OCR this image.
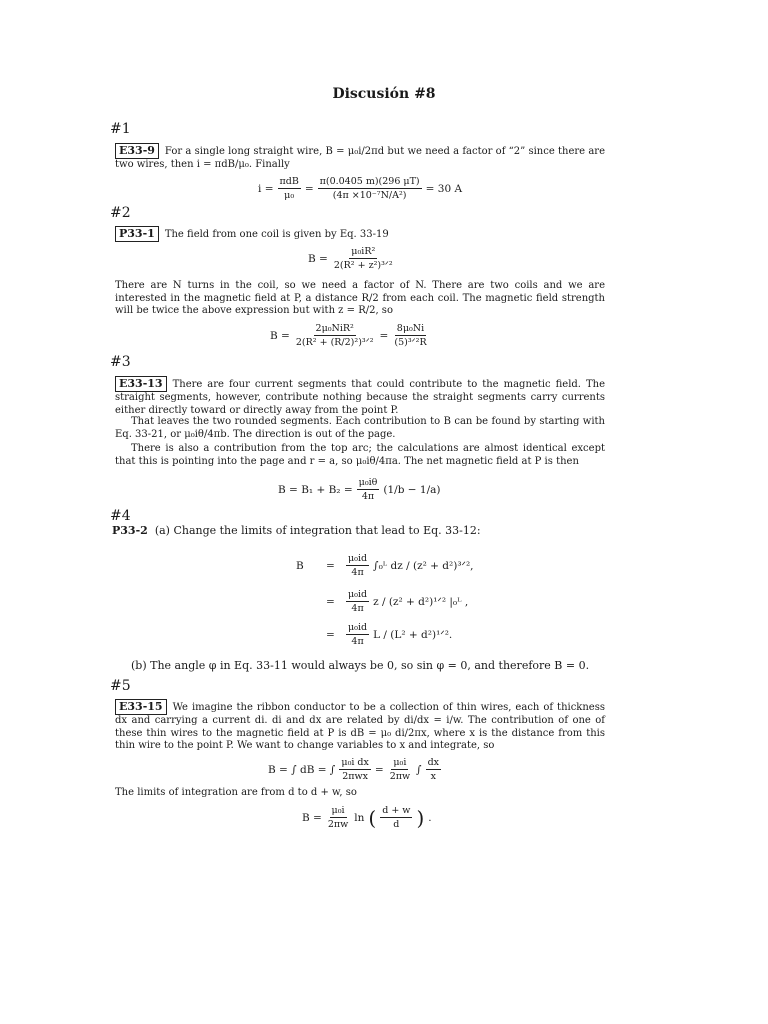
Discusión #8
#1
E33-9 For a single long straight wire, B = μ₀i/2πd but we need a factor of “2” since there are two wires, then i = πdB/μ₀. Finally
$i = \frac{\text{πdB}}{\text{μ₀}} = \frac{\pi(0.0405 m)(296 \mu T)}{\text{(4π ×10⁻⁷N/A²)}} = 30$ A
#2
P33-1 The field from one coil is given by Eq. 33-19
$B = \frac{\text{μ₀iR²}}{\text{2(R² + z²)³ᐟ²}}$
There are N turns in the coil, so we need a factor of N. There are two coils and we are interested in the magnetic field at P, a distance R/2 from each coil. The magnetic field strength will be twice the above expression but with z = R/2, so
$B = \frac{\text{2μ₀NiR²}}{\text{2(R² + (R/2)²)³ᐟ²}} = \frac{\text{8μ₀Ni}}{\text{(5)³ᐟ²R}}$
#3
E33-13 There are four current segments that could contribute to the magnetic field. The straight segments, however, contribute nothing because the straight segments carry currents either directly toward or directly away from the point P.
That leaves the two rounded segments. Each contribution to B can be found by starting with Eq. 33-21, or μ₀iθ/4πb. The direction is out of the page.
There is also a contribution from the top arc; the calculations are almost identical except that this is pointing into the page and r = a, so μ₀iθ/4πa. The net magnetic field at P is then
$B = B_1 + B_2 = \frac{\text{μ₀iθ}}{4\pi} (1/b - 1/a)$
#4
P33-2 (a) Change the limits of integration that lead to Eq. 33-12:
B	=	$\frac{\text{μ₀id}}{4\pi}$ ∫₀ᴸ dz / (z² + d²)³ᐟ²,
=	$\frac{\text{μ₀id}}{4\pi}$ z / (z² + d²)¹ᐟ² |₀ᴸ ,
=	$\frac{\text{μ₀id}}{4\pi}$ L / (L² + d²)¹ᐟ².
(b) The angle φ in Eq. 33-11 would always be 0, so sin φ = 0, and therefore B = 0.
#5
E33-15 We imagine the ribbon conductor to be a collection of thin wires, each of thickness dx and carrying a current di. di and dx are related by di/dx = i/w. The contribution of one of these thin wires to the magnetic field at P is dB = μ₀ di/2πx, where x is the distance from this thin wire to the point P. We want to change variables to x and integrate, so
B = ∫ dB = ∫ $\frac{\text{μ₀i dx}}{\text{2πwx}} = \frac{\text{μ₀i}}{2\pi w}$ ∫ $\frac{dx}{x}$
The limits of integration are from d to d + w, so
$B = \frac{\text{μ₀i}}{2\pi w}$ ln ( $\frac{d + w}{d}$ ) .
